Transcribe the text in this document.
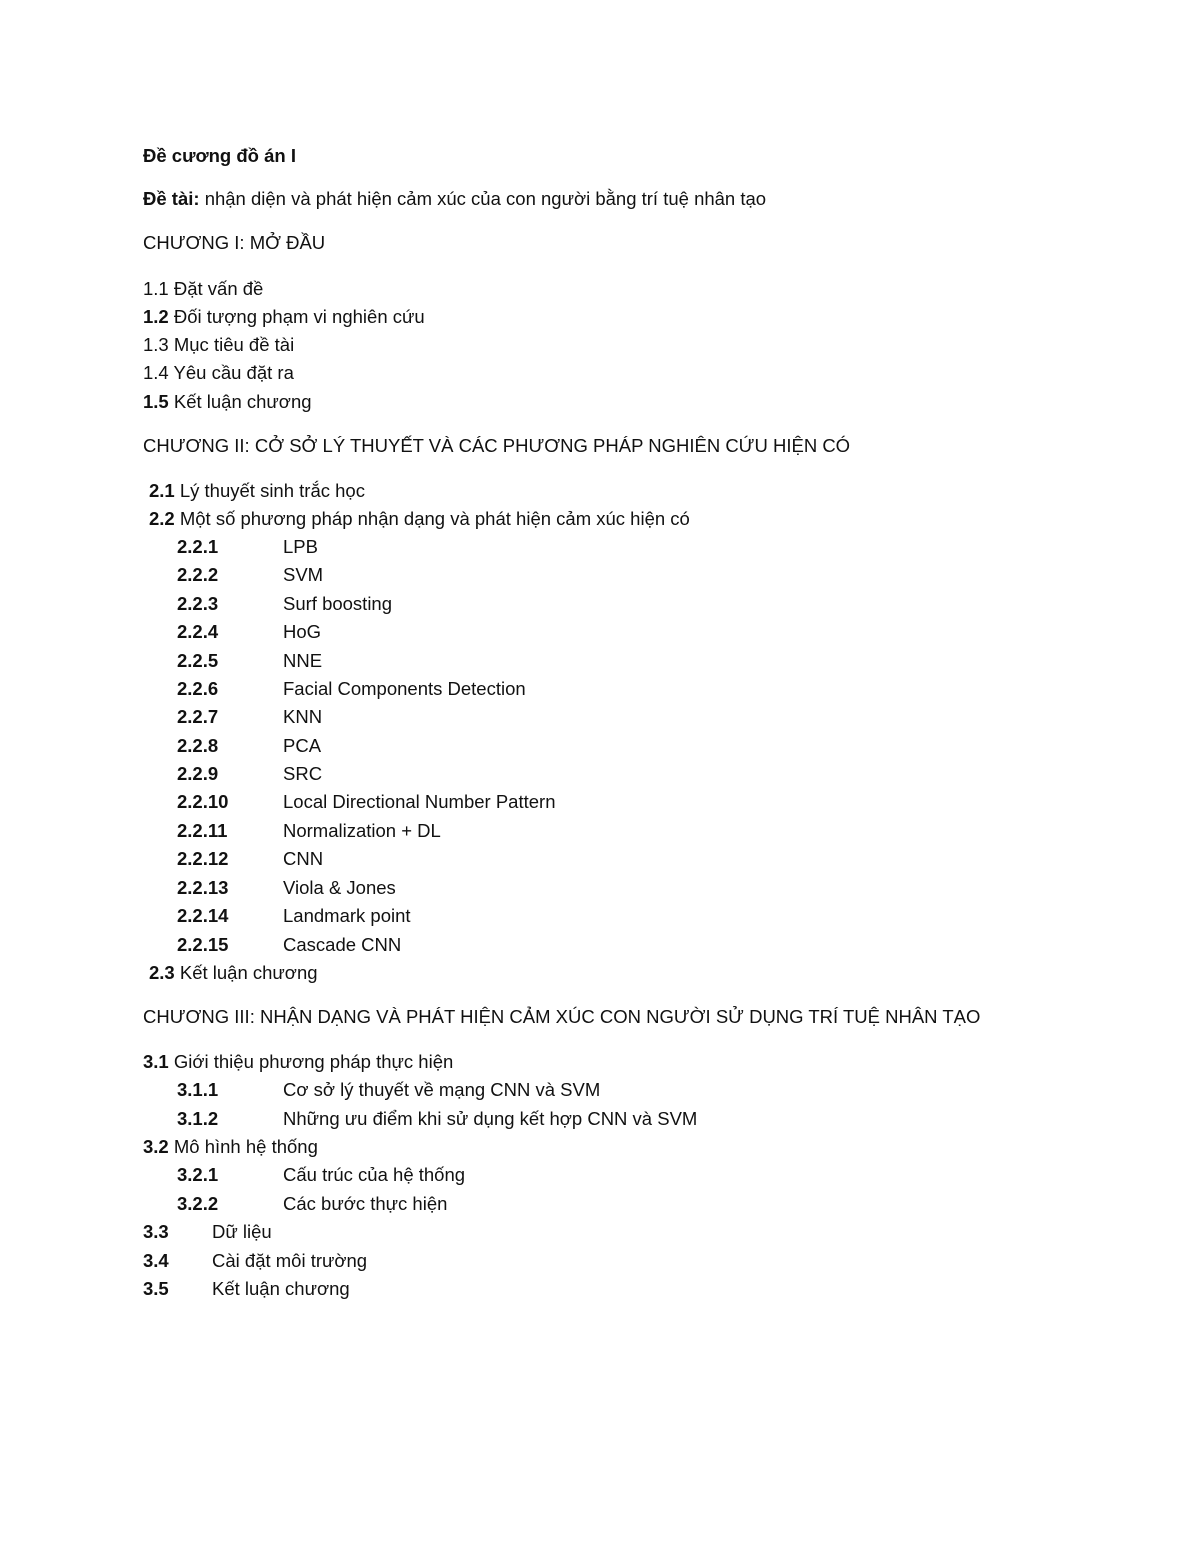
Đề cương đồ án I
Đề tài: nhận diện và phát hiện cảm xúc của con người bằng trí tuệ nhân tạo
CHƯƠNG I: MỞ ĐẦU
1.1 Đặt vấn đề
1.2 Đối tượng phạm vi nghiên cứu
1.3 Mục tiêu đề tài
1.4 Yêu cầu đặt ra
1.5 Kết luận chương
CHƯƠNG II: CỞ SỞ LÝ THUYẾT VÀ CÁC PHƯƠNG PHÁP NGHIÊN CỨU HIỆN CÓ
2.1 Lý thuyết sinh trắc học
2.2 Một số phương pháp nhận dạng và phát hiện cảm xúc hiện có
2.2.1	LPB
2.2.2	SVM
2.2.3	Surf boosting
2.2.4	HoG
2.2.5	NNE
2.2.6	Facial Components Detection
2.2.7	KNN
2.2.8	PCA
2.2.9	SRC
2.2.10	Local Directional Number Pattern
2.2.11	Normalization + DL
2.2.12	CNN
2.2.13	Viola & Jones
2.2.14	Landmark point
2.2.15	Cascade CNN
2.3 Kết luận chương
CHƯƠNG III: NHẬN DẠNG VÀ PHÁT HIỆN CẢM XÚC CON NGƯỜI SỬ DỤNG TRÍ TUỆ NHÂN TẠO
3.1 Giới thiệu phương pháp thực hiện
3.1.1	Cơ sở lý thuyết về mạng CNN và SVM
3.1.2	Những ưu điểm khi sử dụng kết hợp CNN và SVM
3.2 Mô hình hệ thống
3.2.1	Cấu trúc của hệ thống
3.2.2	Các bước thực hiện
3.3 Dữ liệu
3.4 Cài đặt môi trường
3.5 Kết luận chương
